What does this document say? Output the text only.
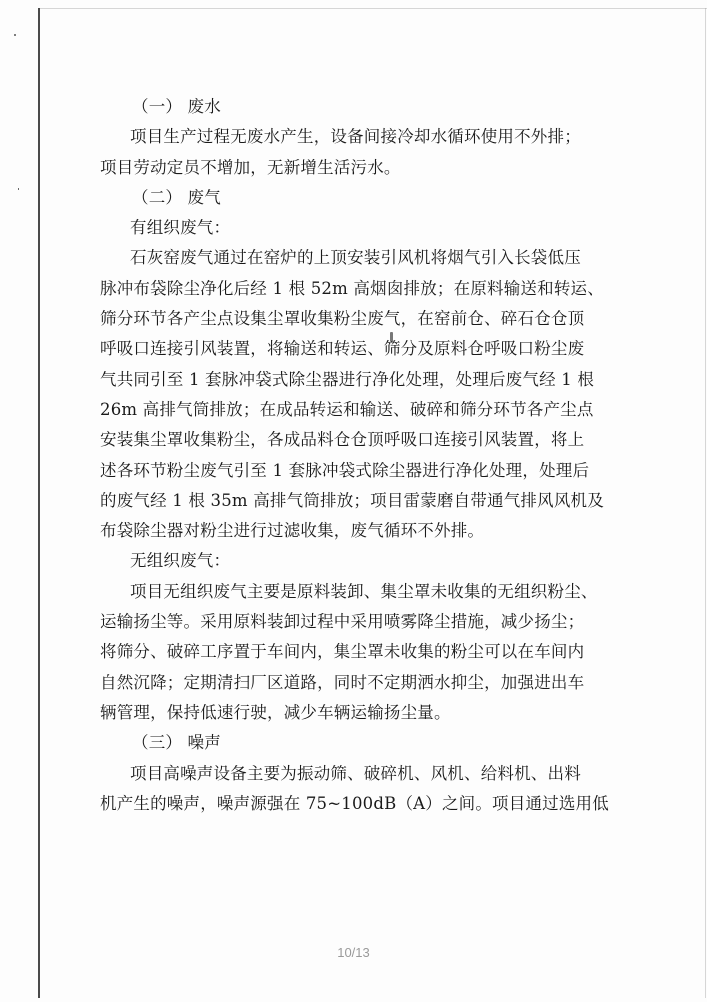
（一） 废水
项目生产过程无废水产生，设备间接冷却水循环使用不外排；
项目劳动定员不增加，无新增生活污水。
（二） 废气
有组织废气：
石灰窑废气通过在窑炉的上顶安装引风机将烟气引入长袋低压
脉冲布袋除尘净化后经 1 根 52m 高烟囱排放；在原料输送和转运、
筛分环节各产尘点设集尘罩收集粉尘废气，在窑前仓、碎石仓仓顶
呼吸口连接引风装置，将输送和转运、筛分及原料仓呼吸口粉尘废
气共同引至 1 套脉冲袋式除尘器进行净化处理，处理后废气经 1 根
26m 高排气筒排放；在成品转运和输送、破碎和筛分环节各产尘点
安装集尘罩收集粉尘，各成品料仓仓顶呼吸口连接引风装置，将上
述各环节粉尘废气引至 1 套脉冲袋式除尘器进行净化处理，处理后
的废气经 1 根 35m 高排气筒排放；项目雷蒙磨自带通气排风风机及
布袋除尘器对粉尘进行过滤收集，废气循环不外排。
无组织废气：
项目无组织废气主要是原料装卸、集尘罩未收集的无组织粉尘、
运输扬尘等。采用原料装卸过程中采用喷雾降尘措施，减少扬尘；
将筛分、破碎工序置于车间内，集尘罩未收集的粉尘可以在车间内
自然沉降；定期清扫厂区道路，同时不定期洒水抑尘，加强进出车
辆管理，保持低速行驶，减少车辆运输扬尘量。
（三） 噪声
项目高噪声设备主要为振动筛、破碎机、风机、给料机、出料
机产生的噪声，噪声源强在 75~100dB（A）之间。项目通过选用低
10/13
